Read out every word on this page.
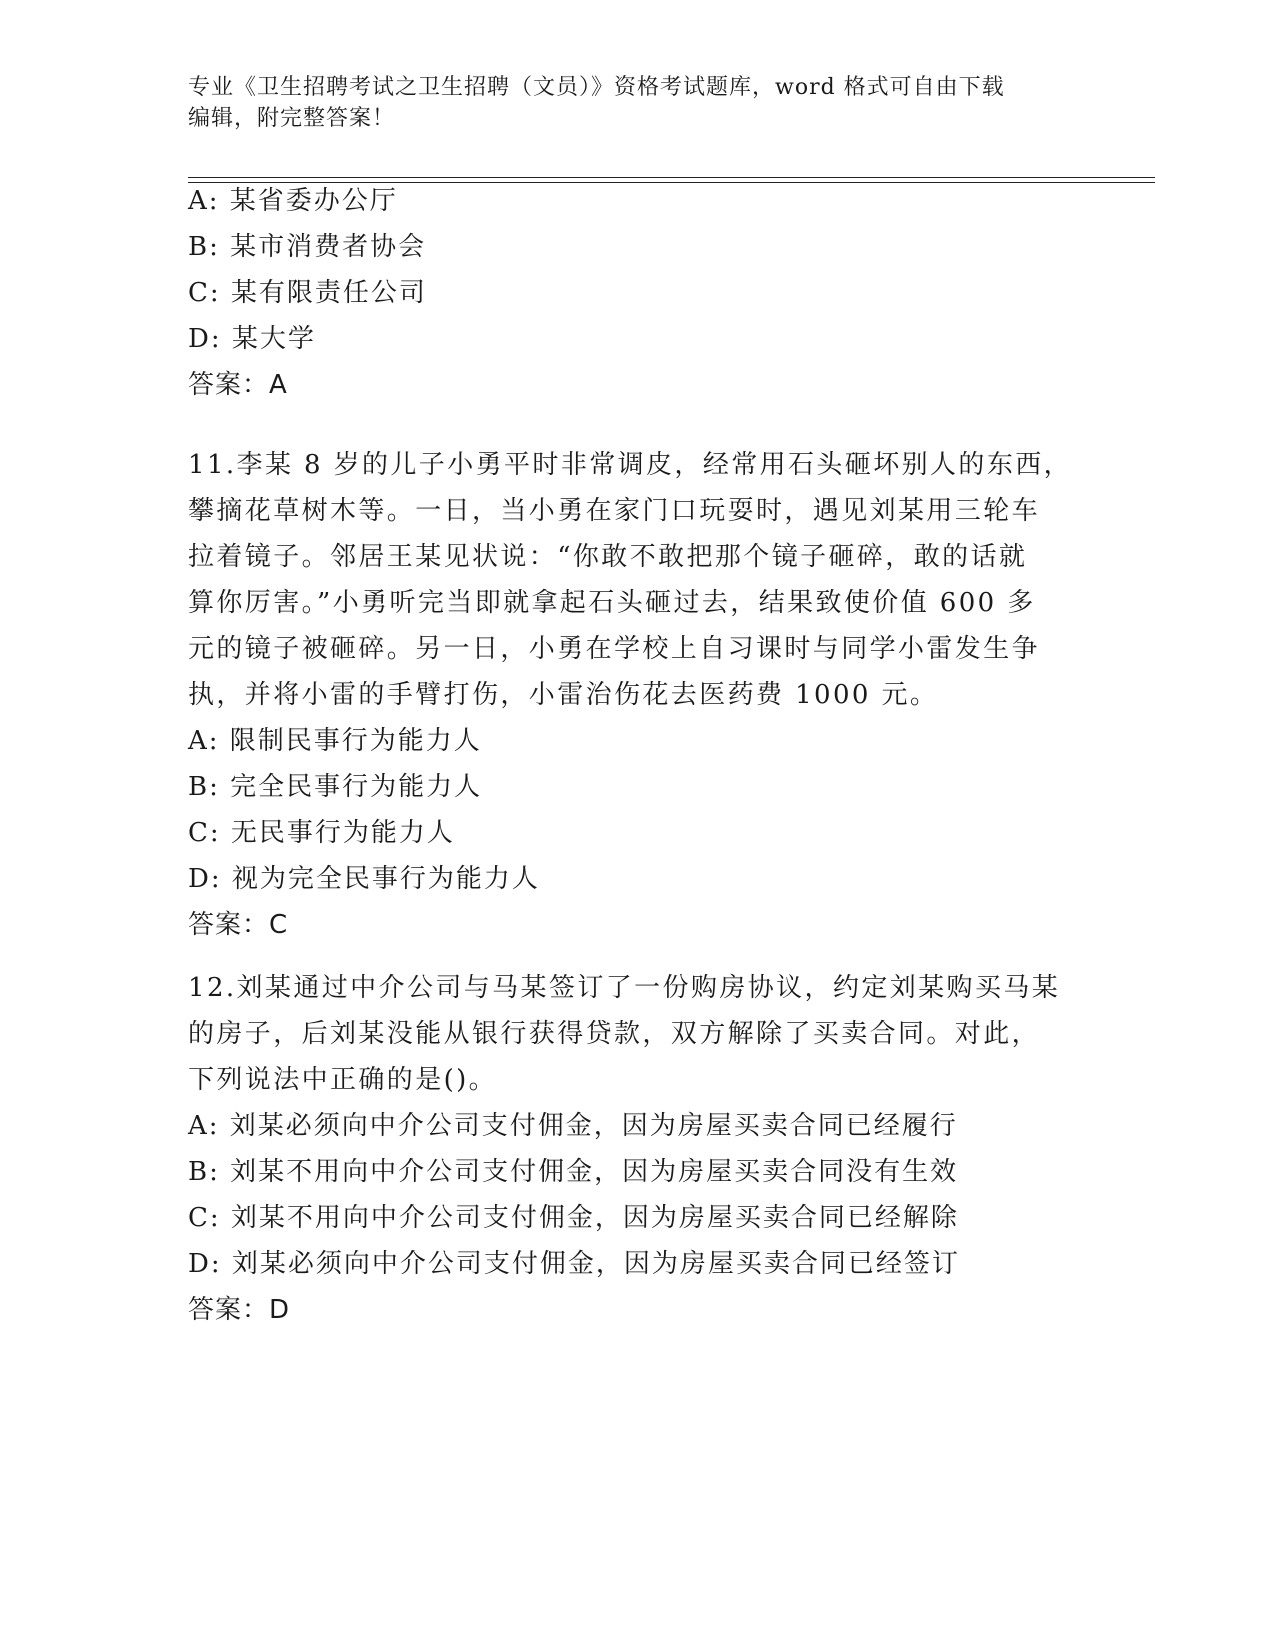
专业《卫生招聘考试之卫生招聘（文员）》资格考试题库，word 格式可自由下载
编辑，附完整答案！
A: 某省委办公厅
B: 某市消费者协会
C: 某有限责任公司
D: 某大学
答案：A
11.李某 8 岁的儿子小勇平时非常调皮，经常用石头砸坏别人的东西，
攀摘花草树木等。一日，当小勇在家门口玩耍时，遇见刘某用三轮车
拉着镜子。邻居王某见状说：“你敢不敢把那个镜子砸碎，敢的话就
算你厉害。”小勇听完当即就拿起石头砸过去，结果致使价值 600 多
元的镜子被砸碎。另一日，小勇在学校上自习课时与同学小雷发生争
执，并将小雷的手臂打伤，小雷治伤花去医药费 1000 元。
A: 限制民事行为能力人
B: 完全民事行为能力人
C: 无民事行为能力人
D: 视为完全民事行为能力人
答案：C
12.刘某通过中介公司与马某签订了一份购房协议，约定刘某购买马某
的房子，后刘某没能从银行获得贷款，双方解除了买卖合同。对此，
下列说法中正确的是()。
A: 刘某必须向中介公司支付佣金，因为房屋买卖合同已经履行
B: 刘某不用向中介公司支付佣金，因为房屋买卖合同没有生效
C: 刘某不用向中介公司支付佣金，因为房屋买卖合同已经解除
D: 刘某必须向中介公司支付佣金，因为房屋买卖合同已经签订
答案：D
